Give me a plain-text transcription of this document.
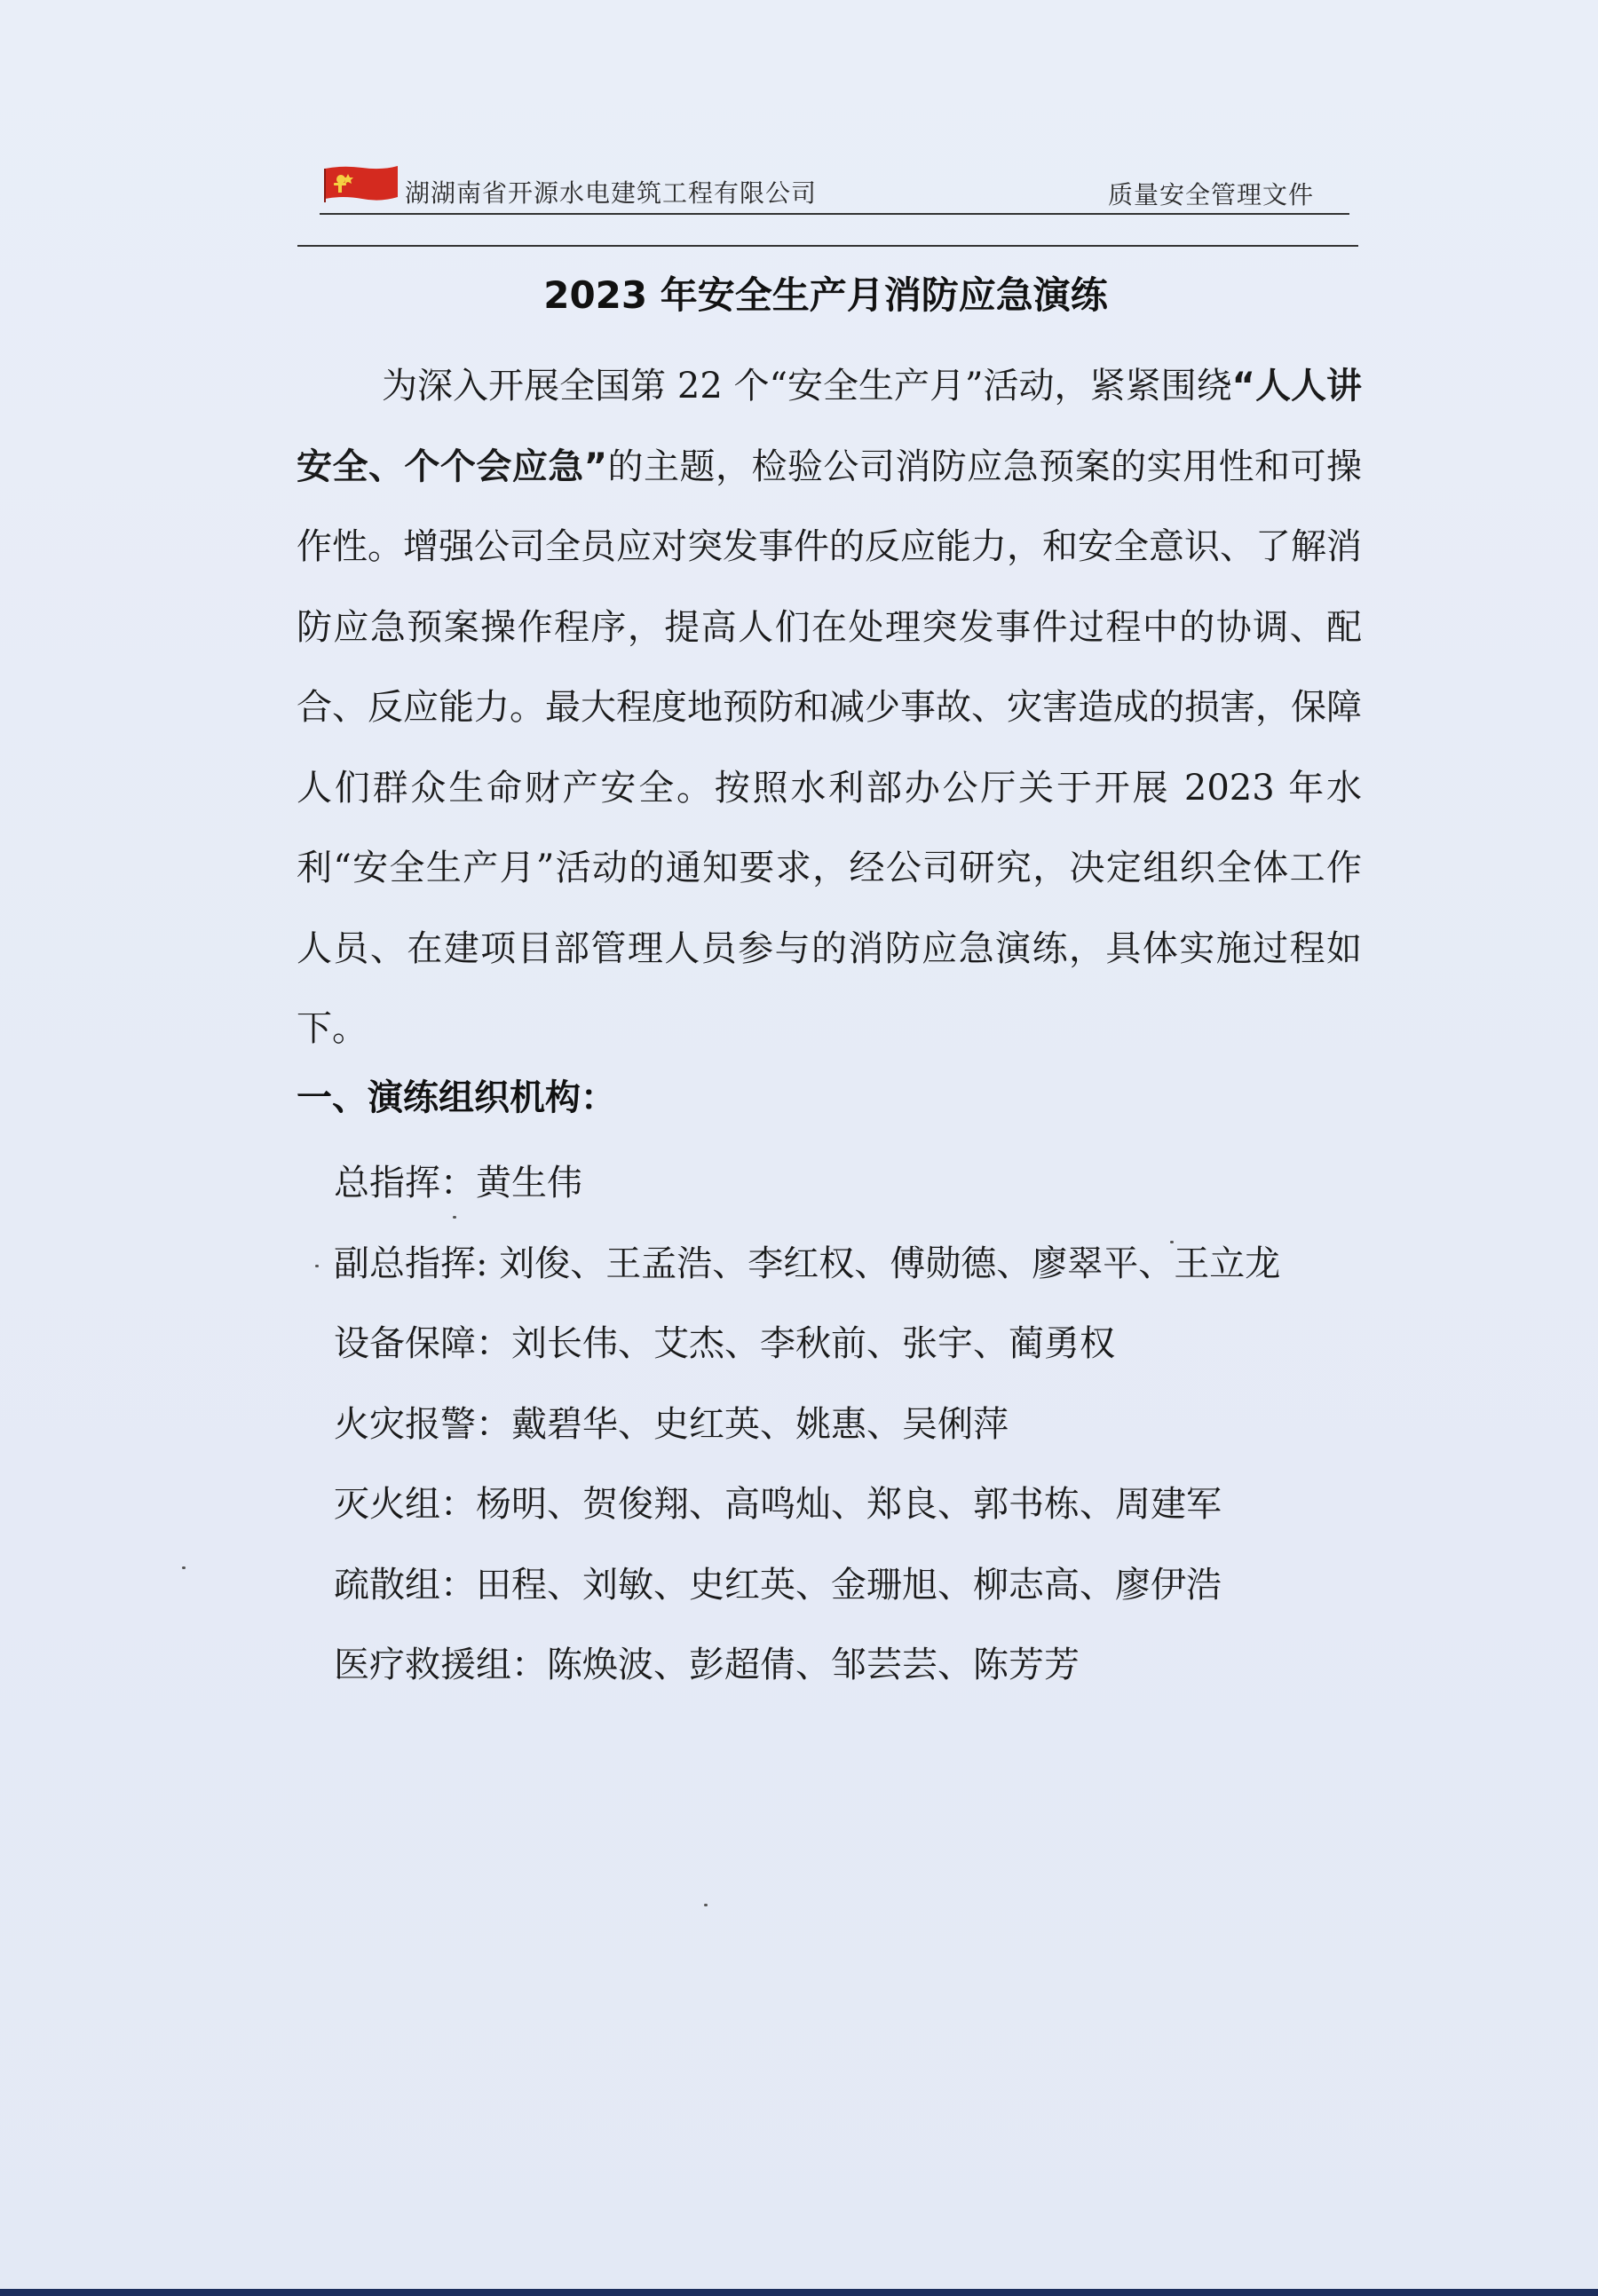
湖湖南省开源水电建筑工程有限公司	质量安全管理文件
2023 年安全生产月消防应急演练

为深入开展全国第 22 个“安全生产月”活动，紧紧围绕“人人讲安全、个个会应急”的主题，检验公司消防应急预案的实用性和可操作性。增强公司全员应对突发事件的反应能力，和安全意识、了解消防应急预案操作程序，提高人们在处理突发事件过程中的协调、配合、反应能力。最大程度地预防和减少事故、灾害造成的损害，保障人们群众生命财产安全。按照水利部办公厅关于开展 2023 年水利“安全生产月”活动的通知要求，经公司研究，决定组织全体工作人员、在建项目部管理人员参与的消防应急演练，具体实施过程如下。

一、演练组织机构：
总指挥：黄生伟
副总指挥: 刘俊、王孟浩、李红权、傅勋德、廖翠平、王立龙
设备保障：刘长伟、艾杰、李秋前、张宇、蔺勇权
火灾报警：戴碧华、史红英、姚惠、吴俐萍
灭火组：杨明、贺俊翔、高鸣灿、郑良、郭书栋、周建军
疏散组：田程、刘敏、史红英、金珊旭、柳志高、廖伊浩
医疗救援组：陈焕波、彭超倩、邹芸芸、陈芳芳
